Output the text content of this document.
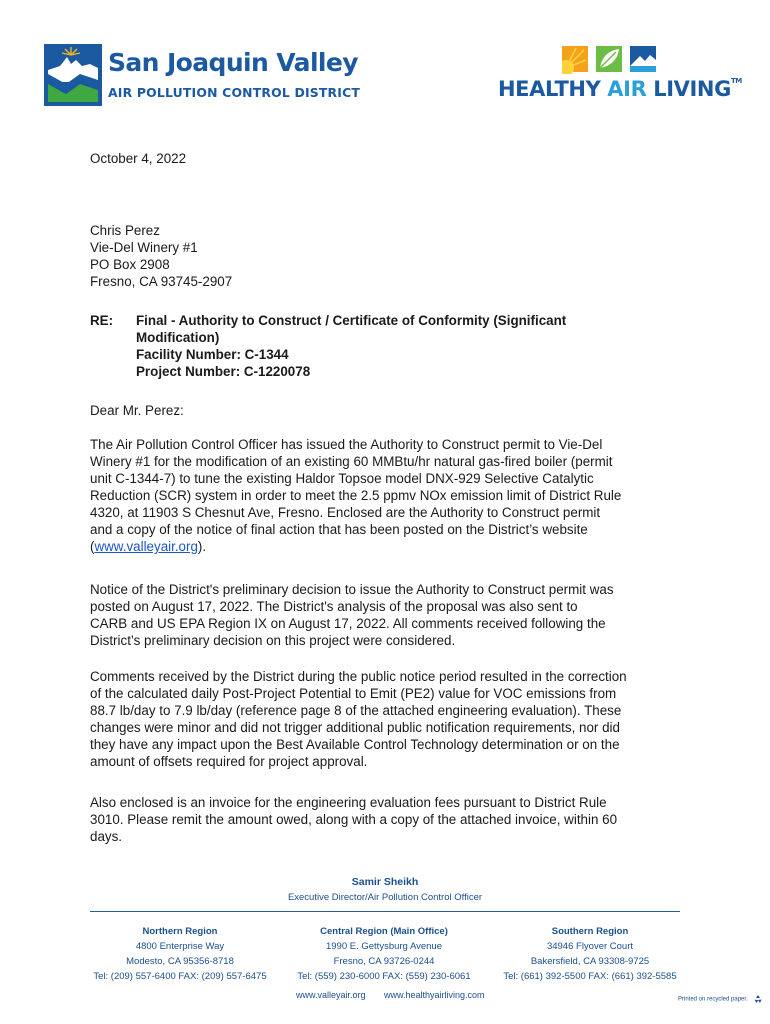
San Joaquin Valley
AIR POLLUTION CONTROL DISTRICT	HEALTHY AIR LIVING™
October 4, 2022

Chris Perez

Vie-Del Winery #1

PO Box 2908

Fresno, CA 93745-2907

RE: Final - Authority to Construct / Certificate of Conformity (Significant

Modification)

Facility Number: C-1344

Project Number: C-1220078

Dear Mr. Perez:

The Air Pollution Control Officer has issued the Authority to Construct permit to Vie-Del

Winery #1 for the modification of an existing 60 MMBtu/hr natural gas-fired boiler (permit

unit C-1344-7) to tune the existing Haldor Topsoe model DNX-929 Selective Catalytic

Reduction (SCR) system in order to meet the 2.5 ppmv NOx emission limit of District Rule

4320, at 11903 S Chesnut Ave, Fresno. Enclosed are the Authority to Construct permit

and a copy of the notice of final action that has been posted on the District’s website

(www.valleyair.org).

Notice of the District's preliminary decision to issue the Authority to Construct permit was

posted on August 17, 2022. The District's analysis of the proposal was also sent to

CARB and US EPA Region IX on August 17, 2022. All comments received following the

District’s preliminary decision on this project were considered.

Comments received by the District during the public notice period resulted in the correction

of the calculated daily Post-Project Potential to Emit (PE2) value for VOC emissions from

88.7 lb/day to 7.9 lb/day (reference page 8 of the attached engineering evaluation). These

changes were minor and did not trigger additional public notification requirements, nor did

they have any impact upon the Best Available Control Technology determination or on the

amount of offsets required for project approval.

Also enclosed is an invoice for the engineering evaluation fees pursuant to District Rule

3010. Please remit the amount owed, along with a copy of the attached invoice, within 60

days.

Samir Sheikh
Executive Director/Air Pollution Control Officer
Northern Region
4800 Enterprise Way
Modesto, CA 95356-8718
Tel: (209) 557-6400 FAX: (209) 557-6475
Central Region (Main Office)
1990 E. Gettysburg Avenue
Fresno, CA 93726-0244
Tel: (559) 230-6000 FAX: (559) 230-6061
Southern Region
34946 Flyover Court
Bakersfield, CA 93308-9725
Tel: (661) 392-5500 FAX: (661) 392-5585
www.valleyair.org www.healthyairliving.com	Printed on recycled paper.
